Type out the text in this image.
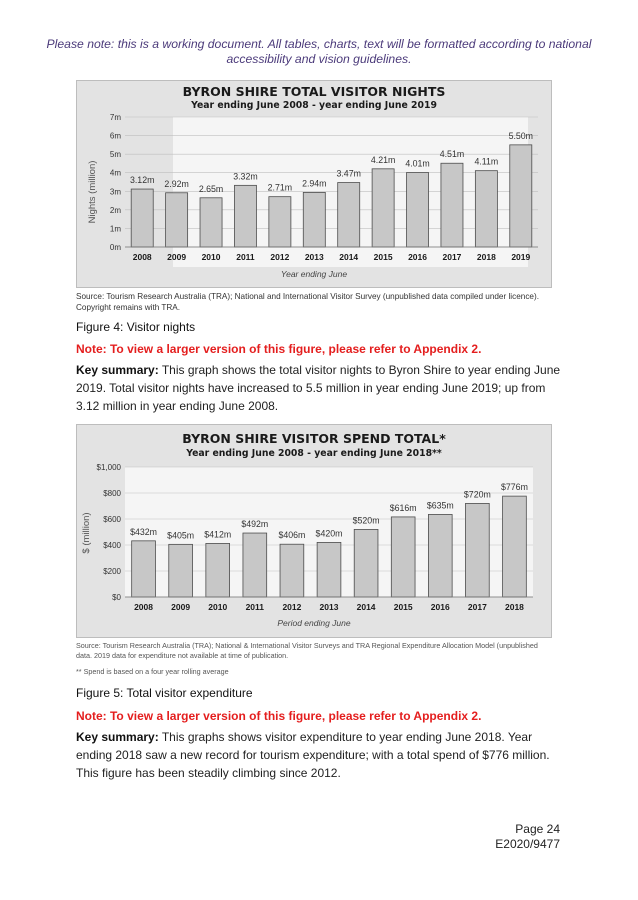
Please note: this is a working document. All tables, charts, text will be formatted according to national accessibility and vision guidelines.
BYRON SHIRE TOTAL VISITOR NIGHTS
Year ending June 2008 - year ending June 2019
Nights (million)
Year ending June
0m
1m
2m
3m
4m
5m
6m
7m
3.12m
2008
2.92m
2009
2.65m
2010
3.32m
2011
2.71m
2012
2.94m
2013
3.47m
2014
4.21m
2015
4.01m
2016
4.51m
2017
4.11m
2018
5.50m
2019
Source: Tourism Research Australia (TRA); National and International Visitor Survey (unpublished data compiled under licence). Copyright remains with TRA.
Figure 4: Visitor nights
Note: To view a larger version of this figure, please refer to Appendix 2.
Key summary: This graph shows the total visitor nights to Byron Shire to year ending June 2019. Total visitor nights have increased to 5.5 million in year ending June 2019; up from 3.12 million in year ending June 2008.
BYRON SHIRE VISITOR SPEND TOTAL*
Year ending June 2008 - year ending June 2018**
$ (million)
Period ending June
$0
$200
$400
$600
$800
$1,000
$432m
2008
$405m
2009
$412m
2010
$492m
2011
$406m
2012
$420m
2013
$520m
2014
$616m
2015
$635m
2016
$720m
2017
$776m
2018
Source: Tourism Research Australia (TRA); National & International Visitor Surveys and TRA Regional Expenditure Allocation Model (unpublished data. 2019 data for expenditure not available at time of publication.
** Spend is based on a four year rolling average
Figure 5: Total visitor expenditure
Note: To view a larger version of this figure, please refer to Appendix 2.
Key summary: This graphs shows visitor expenditure to year ending June 2018. Year ending 2018 saw a new record for tourism expenditure; with a total spend of $776 million. This figure has been steadily climbing since 2012.
Page 24
E2020/9477
